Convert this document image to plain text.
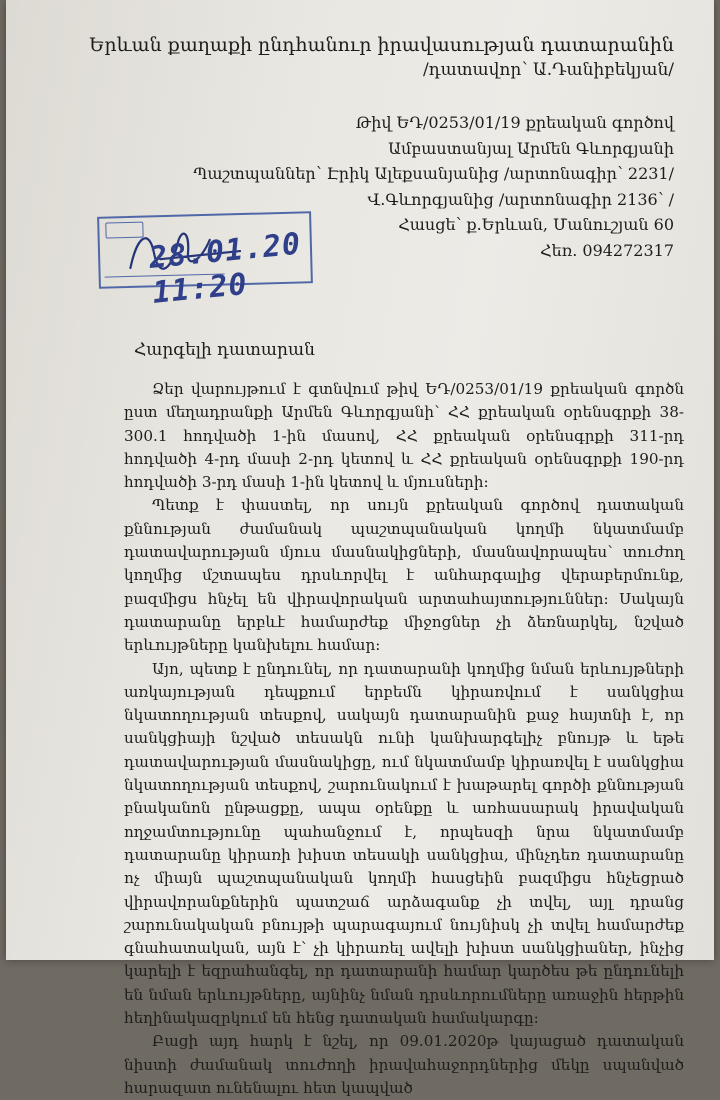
Երևան քաղաքի ընդհանուր իրավասության դատարանին
/դատավոր՝ Ա.Դանիբեկյան/
Թիվ ԵԴ/0253/01/19 քրեական գործով
Ամբաստանյալ Արմեն Գևորգյանի
Պաշտպաններ՝ Էրիկ Ալեքսանյանից /արտոնագիր՝ 2231/
Վ.Գևորգյանից /արտոնագիր 2136՝ /
Հասցե՝ ք.Երևան, Մանուշյան 60
Հեռ. 094272317
28.01.20 11:20
Հարգելի դատարան

Ձեր վարույթում է գտնվում թիվ ԵԴ/0253/01/19 քրեական գործն ըստ մեղադրանքի Արմեն Գևորգյանի՝ ՀՀ քրեական օրենսգրքի 38-300.1 հոդվածի 1-ին մասով, ՀՀ քրեական օրենսգրքի 311-րդ հոդվածի 4-րդ մասի 2-րդ կետով և ՀՀ քրեական օրենսգրքի 190-րդ հոդվածի 3-րդ մասի 1-ին կետով և մյուսների:

Պետք է փաստել, որ սույն քրեական գործով դատական քննության ժամանակ պաշտպանական կողմի նկատմամբ դատավարության մյուս մասնակիցների, մասնավորապես՝ տուժող կողմից մշտապես դրսևորվել է անհարգալից վերաբերմունք, բազմիցս հնչել են վիրավորական արտահայտություններ: Սակայն դատարանը երբևէ համարժեք միջոցներ չի ձեռնարկել, նշված երևույթները կանխելու համար:

Այո, պետք է ընդունել, որ դատարանի կողմից նման երևույթների առկայության դեպքում երբեմն կիրառվում է սանկցիա նկատողության տեսքով, սակայն դատարանին քաջ հայտնի է, որ սանկցիայի նշված տեսակն ունի կանխարգելիչ բնույթ և եթե դատավարության մասնակիցը, ում նկատմամբ կիրառվել է սանկցիա նկատողության տեսքով, շարունակում է խաթարել գործի քննության բնականոն ընթացքը, ապա օրենքը և առհասարակ իրավական ողջամտությունը պահանջում է, որպեսզի նրա նկատմամբ դատարանը կիրառի խիստ տեսակի սանկցիա, մինչդեռ դատարանը ոչ միայն պաշտպանական կողմի հասցեին բազմիցս հնչեցրած վիրավորանքներին պատշաճ արձագանք չի տվել, այլ դրանց շարունակական բնույթի պարագայում նույնիսկ չի տվել համարժեք գնահատական, այն է՝ չի կիրառել ավելի խիստ սանկցիաներ, ինչից կարելի է եզրահանգել, որ դատարանի համար կարծես թե ընդունելի են նման երևույթները, այնինչ նման դրսևորումները առաջին հերթին հեղինակազրկում են հենց դատական համակարգը:

Բացի այդ հարկ է նշել, որ 09.01.2020թ կայացած դատական նիստի ժամանակ տուժողի իրավահաջորդներից մեկը սպանված հարազատ ունենալու հետ կապված
